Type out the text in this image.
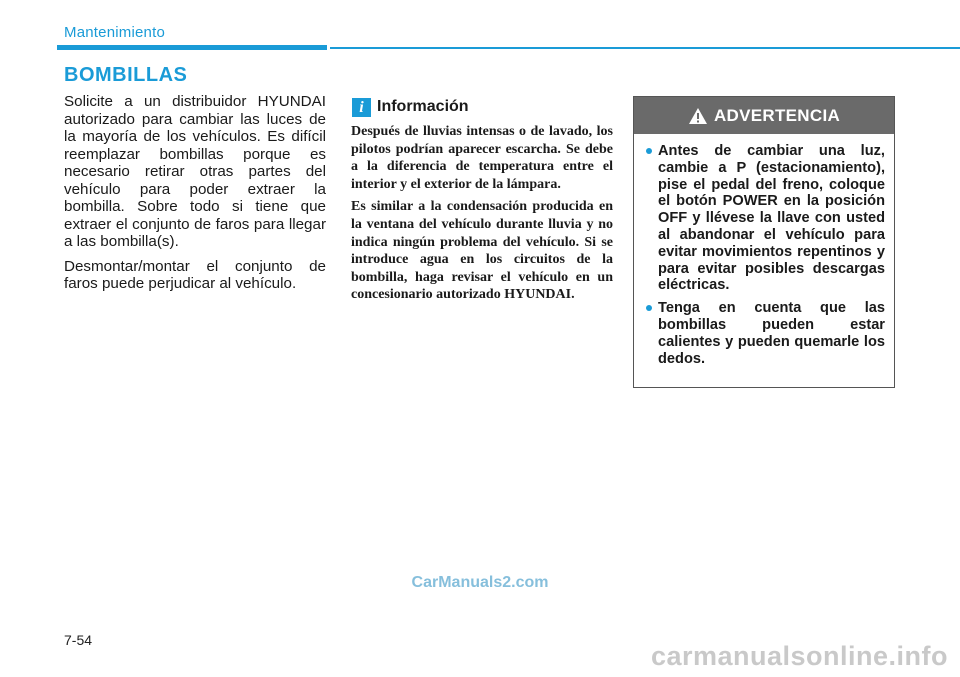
Mantenimiento
BOMBILLAS

Solicite a un distribuidor HYUNDAI autorizado para cambiar las luces de la mayoría de los vehículos. Es difícil reemplazar bombillas porque es necesario retirar otras partes del vehículo para poder extraer la bombilla. Sobre todo si tiene que extraer el conjunto de faros para llegar a las bombilla(s).

Desmontar/montar el conjunto de faros puede perjudicar al vehículo.

i Información

Después de lluvias intensas o de lavado, los pilotos podrían aparecer escarcha. Se debe a la diferencia de temperatura entre el interior y el exterior de la lámpara.

Es similar a la condensación producida en la ventana del vehículo durante lluvia y no indica ningún problema del vehículo. Si se introduce agua en los circuitos de la bombilla, haga revisar el vehículo en un concesionario autorizado HYUNDAI.

ADVERTENCIA
Antes de cambiar una luz, cambie a P (estacionamiento), pise el pedal del freno, coloque el botón POWER en la posición OFF y llévese la llave con usted al abandonar el vehículo para evitar movimientos repentinos y para evitar posibles descargas eléctricas.
Tenga en cuenta que las bombillas pueden estar calientes y pueden quemarle los dedos.
CarManuals2.com
7-54
carmanualsonline.info
